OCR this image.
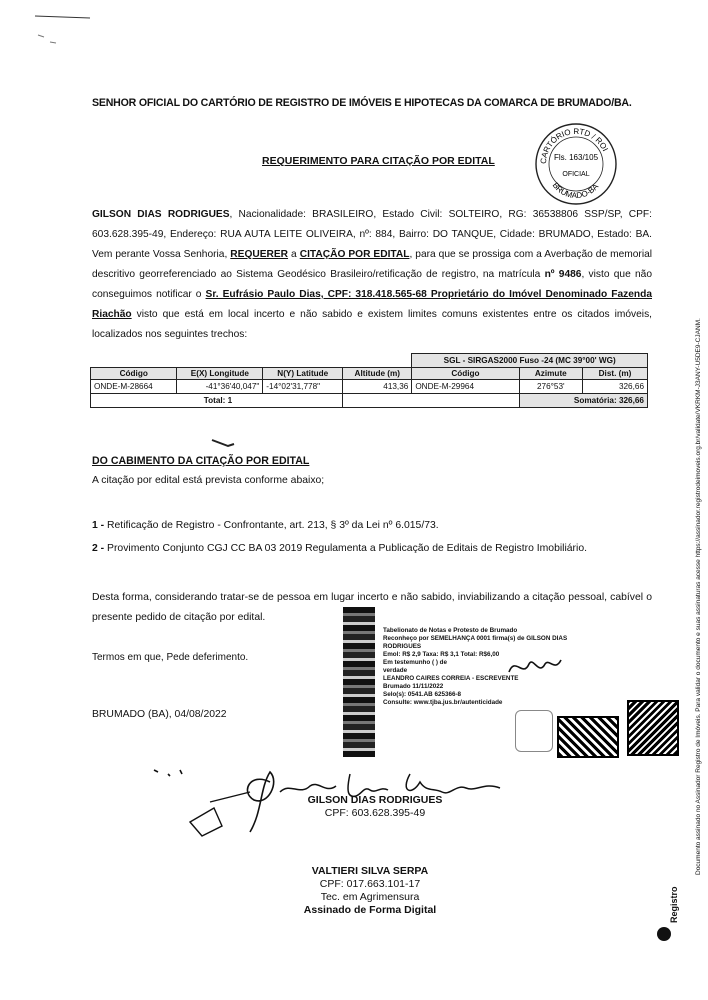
SENHOR OFICIAL DO CARTÓRIO DE REGISTRO DE IMÓVEIS E HIPOTECAS DA COMARCA DE BRUMADO/BA.
CARTÓRIO RTD / ROI
BRUMADO-BA
Fls. 163/105
OFICIAL
REQUERIMENTO PARA CITAÇÃO POR EDITAL
GILSON DIAS RODRIGUES, Nacionalidade: BRASILEIRO, Estado Civil: SOLTEIRO, RG: 36538806 SSP/SP, CPF: 603.628.395-49, Endereço: RUA AUTA LEITE OLIVEIRA, nº: 884, Bairro: DO TANQUE, Cidade: BRUMADO, Estado: BA. Vem perante Vossa Senhoria, REQUERER a CITAÇÃO POR EDITAL, para que se prossiga com a Averbação de memorial descritivo georreferenciado ao Sistema Geodésico Brasileiro/retificação de registro, na matrícula nº 9486, visto que não conseguimos notificar o Sr. Eufrásio Paulo Dias, CPF: 318.418.565-68 Proprietário do Imóvel Denominado Fazenda Riachão visto que está em local incerto e não sabido e existem limites comuns existentes entre os citados imóveis, localizados nos seguintes trechos:
				SGL - SIRGAS2000 Fuso -24 (MC 39°00' WG)		
Código	E(X) Longitude	N(Y) Latitude	Altitude (m)	Código	Azimute	Dist. (m)
ONDE-M-28664	-41°36'40,047"	-14°02'31,778"	413,36	ONDE-M-29964	276°53'	326,66
Total: 1					Somatória: 326,66	
DO CABIMENTO DA CITAÇÃO POR EDITAL
A citação por edital está prevista conforme abaixo;
1 - Retificação de Registro - Confrontante, art. 213, § 3º da Lei nº 6.015/73.
2 - Provimento Conjunto CGJ CC BA 03 2019 Regulamenta a Publicação de Editais de Registro Imobiliário.
Desta forma, considerando tratar-se de pessoa em lugar incerto e não sabido, inviabilizando a citação pessoal, cabível o presente pedido de citação por edital.
Termos em que, Pede deferimento.
BRUMADO (BA), 04/08/2022
Tabelionato de Notas e Protesto de Brumado
Reconheço por SEMELHANÇA 0001 firma(s) de GILSON DIAS
RODRIGUES
Emol: R$ 2,9 Taxa: R$ 3,1 Total: R$6,00
Em testemunho ( ) de
verdade
LEANDRO CAIRES CORREIA - ESCREVENTE
Brumado 11/11/2022
Selo(s): 0541.AB 625366-8
Consulte: www.tjba.jus.br/autenticidade
GILSON DIAS RODRIGUES
CPF: 603.628.395-49
VALTIERI SILVA SERPA
CPF: 017.663.101-17
Tec. em Agrimensura
Assinado de Forma Digital
Documento assinado no Assinador Registro de Imóveis. Para validar o documento e suas assinaturas acesse https://assinador.registrodeimoveis.org.br/validate/VKRKM-J3ANY-U5DE9-CJANM.
Registro
